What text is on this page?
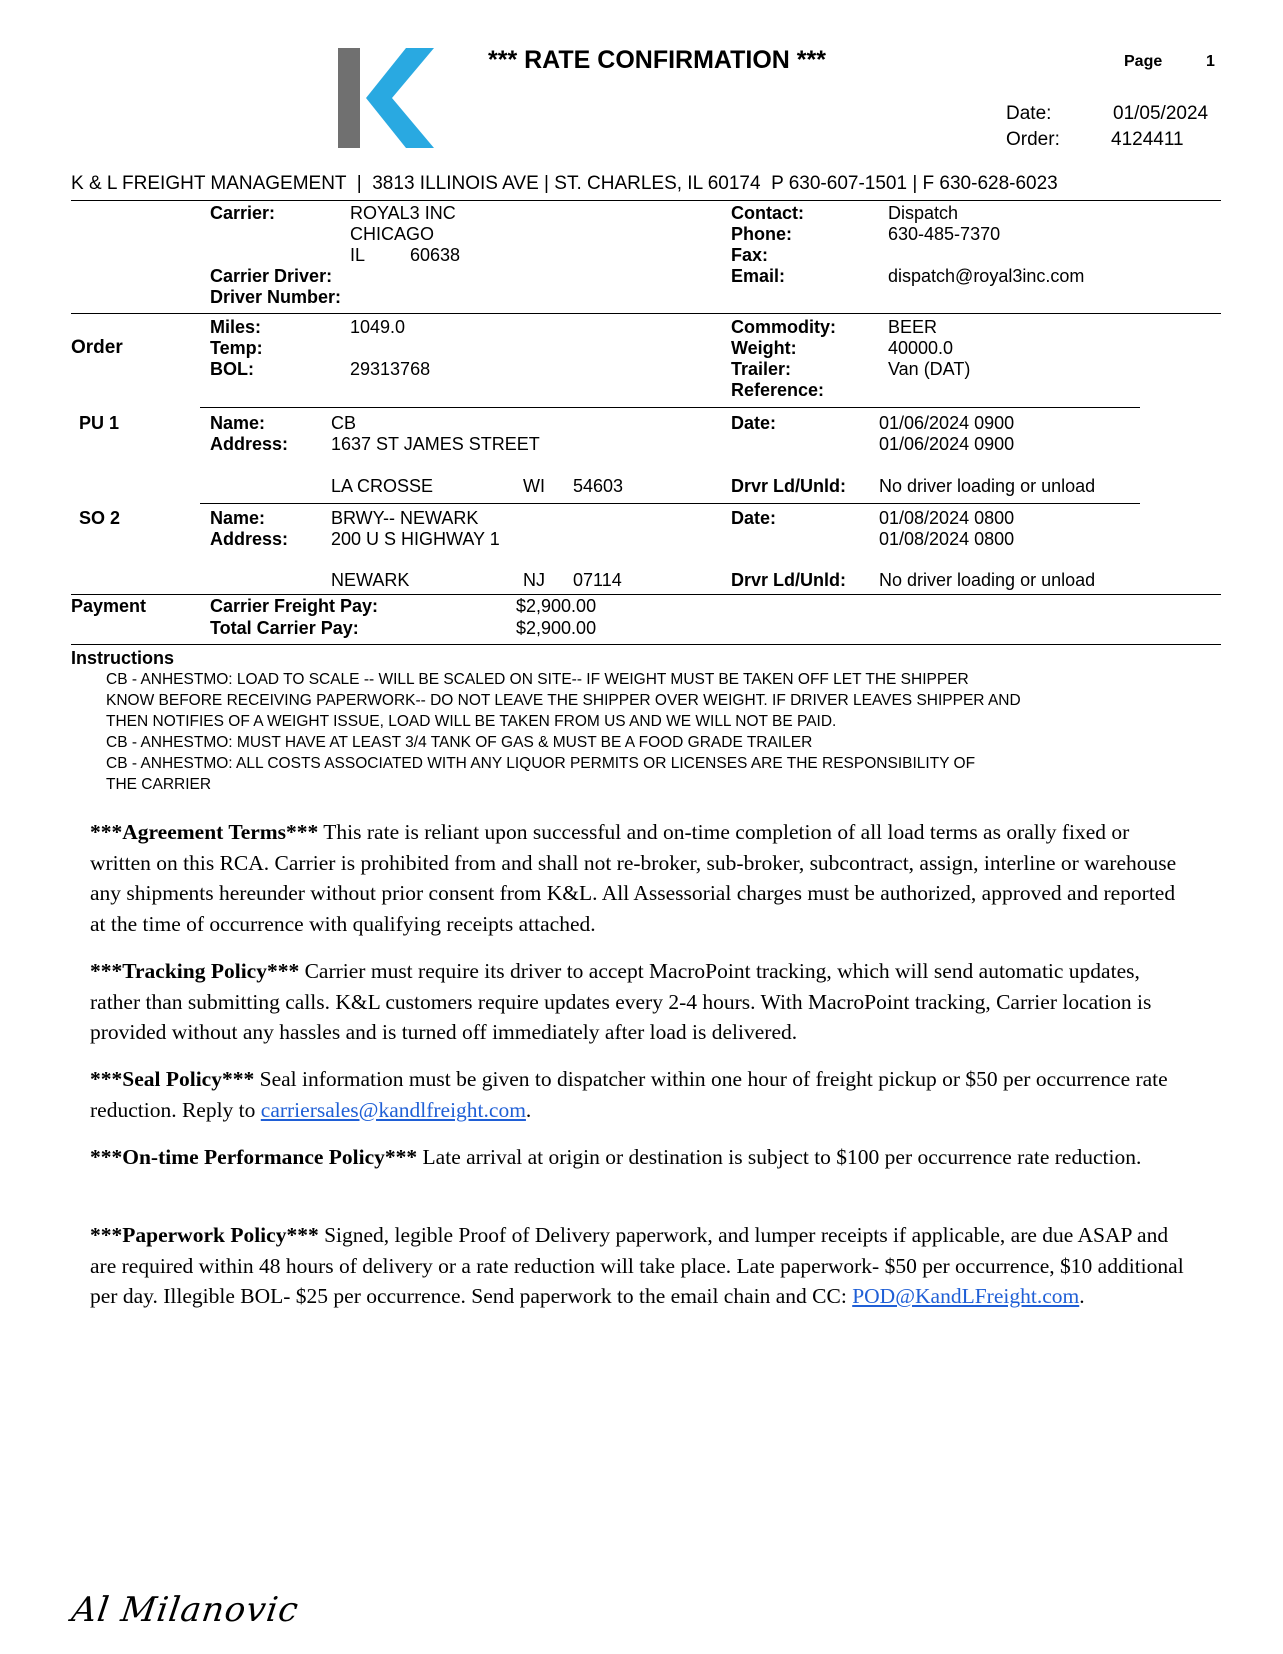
*** RATE CONFIRMATION ***	Page	1
Date:	01/05/2024
Order:	4124411
K & L FREIGHT MANAGEMENT  |  3813 ILLINOIS AVE | ST. CHARLES, IL 60174  P 630-607-1501 | F 630-628-6023
Carrier:	ROYAL3 INC
CHICAGO
IL 60638
Carrier Driver:
Driver Number:
Contact:	Dispatch
Phone:	630-485-7370
Fax:
Email:	dispatch@royal3inc.com
Order
Miles:	1049.0
Temp:
BOL:	29313768
Commodity:	BEER
Weight:	40000.0
Trailer:	Van (DAT)
Reference:
PU 1	Name:	CB
Address: 1637 ST JAMES STREET
LA CROSSE	WI 54603
Date:	01/06/2024 0900
01/06/2024 0900
Drvr Ld/Unld: No driver loading or unload
SO 2	Name:	BRWY-- NEWARK
Address: 200 U S HIGHWAY 1
NEWARK	NJ 07114
Date:	01/08/2024 0800
01/08/2024 0800
Drvr Ld/Unld: No driver loading or unload
Payment	Carrier Freight Pay:	$2,900.00
Total Carrier Pay:	$2,900.00
Instructions
CB - ANHESTMO: LOAD TO SCALE -- WILL BE SCALED ON SITE-- IF WEIGHT MUST BE TAKEN OFF LET THE SHIPPER
KNOW BEFORE RECEIVING PAPERWORK-- DO NOT LEAVE THE SHIPPER OVER WEIGHT. IF DRIVER LEAVES SHIPPER AND
THEN NOTIFIES OF A WEIGHT ISSUE, LOAD WILL BE TAKEN FROM US AND WE WILL NOT BE PAID.
CB - ANHESTMO: MUST HAVE AT LEAST 3/4 TANK OF GAS & MUST BE A FOOD GRADE TRAILER
CB - ANHESTMO: ALL COSTS ASSOCIATED WITH ANY LIQUOR PERMITS OR LICENSES ARE THE RESPONSIBILITY OF
THE CARRIER
***Agreement Terms*** This rate is reliant upon successful and on-time completion of all load terms as orally fixed or written on this RCA. Carrier is prohibited from and shall not re-broker, sub-broker, subcontract, assign, interline or warehouse any shipments hereunder without prior consent from K&L. All Assessorial charges must be authorized, approved and reported at the time of occurrence with qualifying receipts attached.
***Tracking Policy*** Carrier must require its driver to accept MacroPoint tracking, which will send automatic updates, rather than submitting calls. K&L customers require updates every 2-4 hours. With MacroPoint tracking, Carrier location is provided without any hassles and is turned off immediately after load is delivered.
***Seal Policy*** Seal information must be given to dispatcher within one hour of freight pickup or $50 per occurrence rate reduction. Reply to carriersales@kandlfreight.com.
***On-time Performance Policy*** Late arrival at origin or destination is subject to $100 per occurrence rate reduction.
***Paperwork Policy*** Signed, legible Proof of Delivery paperwork, and lumper receipts if applicable, are due ASAP and are required within 48 hours of delivery or a rate reduction will take place. Late paperwork- $50 per occurrence, $10 additional per day. Illegible BOL- $25 per occurrence. Send paperwork to the email chain and CC: POD@KandLFreight.com.
Al Milanovic
